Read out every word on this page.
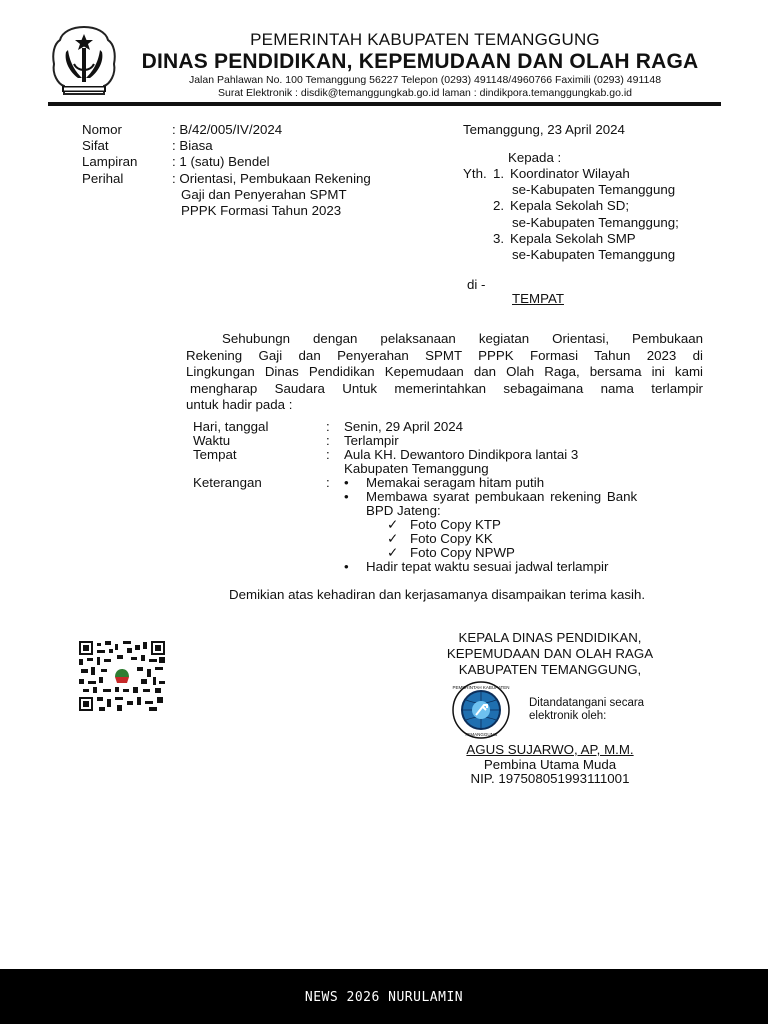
PEMERINTAH KABUPATEN TEMANGGUNG
DINAS PENDIDIKAN, KEPEMUDAAN DAN OLAH RAGA
Jalan Pahlawan No. 100 Temanggung 56227 Telepon (0293) 491148/4960766 Faximili (0293) 491148
Surat Elektronik : disdik@temanggungkab.go.id laman : dindikpora.temanggungkab.go.id
Nomor	: B/42/005/IV/2024
Sifat	: Biasa
Lampiran	: 1 (satu) Bendel
Perihal	: Orientasi, Pembukaan Rekening
Gaji dan Penyerahan SPMT
PPPK Formasi Tahun 2023
Temanggung, 23 April 2024
Kepada :
Yth. 1. Koordinator Wilayah
se-Kabupaten Temanggung
2. Kepala Sekolah SD;
se-Kabupaten Temanggung;
3. Kepala Sekolah SMP
se-Kabupaten Temanggung
di -
TEMPAT

Sehubungn dengan pelaksanaan kegiatan Orientasi, Pembukaan

Rekening Gaji dan Penyerahan SPMT PPPK Formasi Tahun 2023 di

Lingkungan Dinas Pendidikan Kepemudaan dan Olah Raga, bersama ini kami

mengharap Saudara Untuk memerintahkan sebagaimana nama terlampir

untuk hadir pada :

Hari, tanggal	: Senin, 29 April 2024
Waktu	: Terlampir
Tempat	: Aula KH. Dewantoro Dindikpora lantai 3
Kabupaten Temanggung
Keterangan	: • Memakai seragam hitam putih
• Membawa syarat pembukaan rekening Bank
BPD Jateng:
✓ Foto Copy KTP
✓ Foto Copy KK
✓ Foto Copy NPWP
• Hadir tepat waktu sesuai jadwal terlampir
Demikian atas kehadiran dan kerjasamanya disampaikan terima kasih.
KEPALA DINAS PENDIDIKAN,
KEPEMUDAAN DAN OLAH RAGA
KABUPATEN TEMANGGUNG,
PEMERINTAH KABUPATEN
TEMANGGUNG
Ditandatangani secara
elektronik oleh:
AGUS SUJARWO, AP, M.M.
Pembina Utama Muda
NIP. 197508051993111001
NEWS 2026 NURULAMIN
